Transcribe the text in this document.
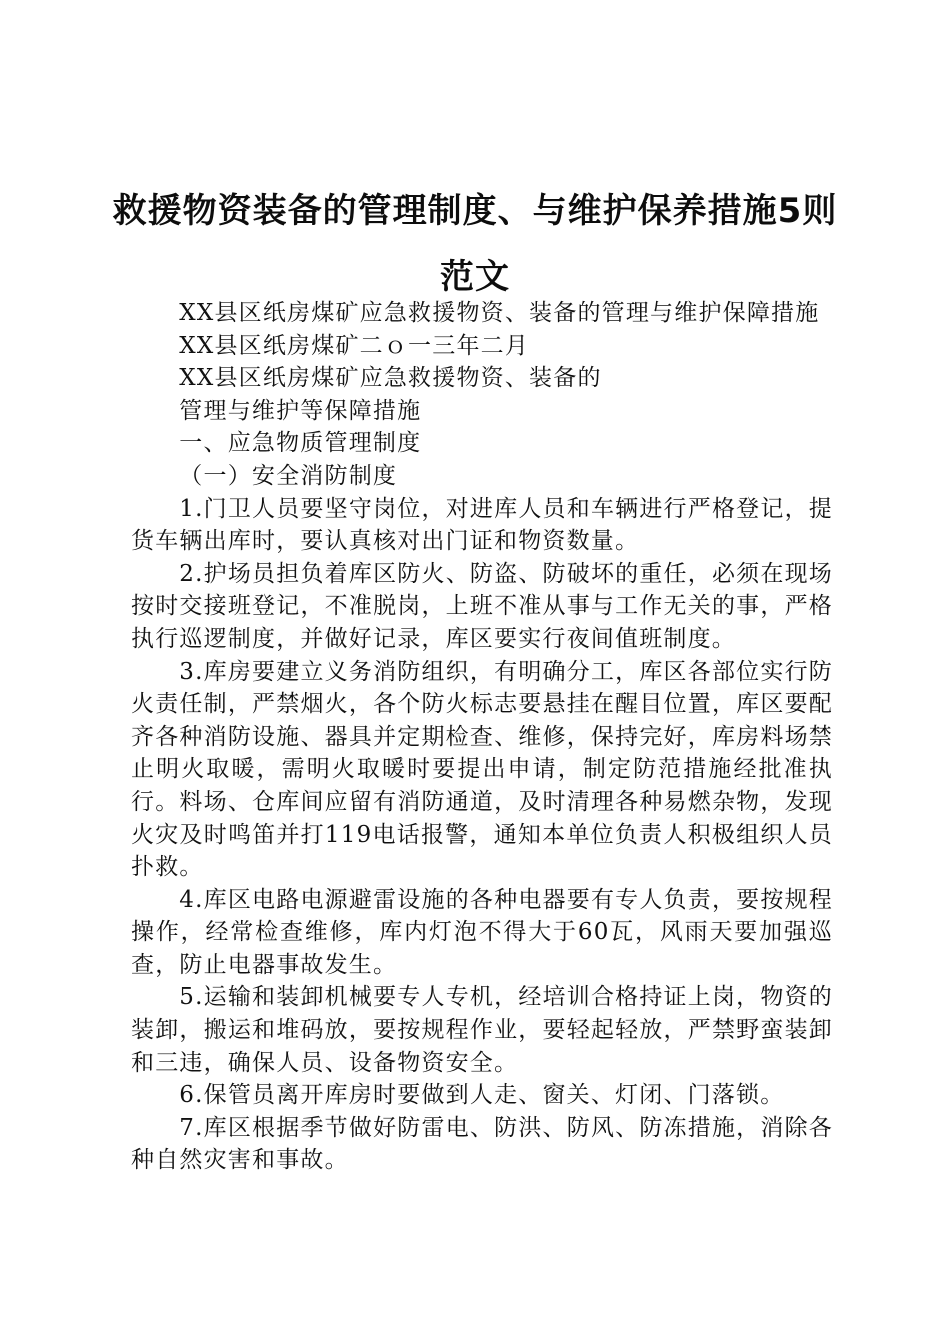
救援物资装备的管理制度、与维护保养措施5则范文

XX县区纸房煤矿应急救援物资、装备的管理与维护保障措施

XX县区纸房煤矿二ｏ一三年二月

XX县区纸房煤矿应急救援物资、装备的

管理与维护等保障措施

一、应急物质管理制度

（一）安全消防制度

1.门卫人员要坚守岗位，对进库人员和车辆进行严格登记，提货车辆出库时，要认真核对出门证和物资数量。

2.护场员担负着库区防火、防盗、防破坏的重任，必须在现场按时交接班登记，不准脱岗，上班不准从事与工作无关的事，严格执行巡逻制度，并做好记录，库区要实行夜间值班制度。

3.库房要建立义务消防组织，有明确分工，库区各部位实行防火责任制，严禁烟火，各个防火标志要悬挂在醒目位置，库区要配齐各种消防设施、器具并定期检查、维修，保持完好，库房料场禁止明火取暖，需明火取暖时要提出申请，制定防范措施经批准执行。料场、仓库间应留有消防通道，及时清理各种易燃杂物，发现火灾及时鸣笛并打119电话报警，通知本单位负责人积极组织人员扑救。

4.库区电路电源避雷设施的各种电器要有专人负责，要按规程操作，经常检查维修，库内灯泡不得大于60瓦，风雨天要加强巡查，防止电器事故发生。

5.运输和装卸机械要专人专机，经培训合格持证上岗，物资的装卸，搬运和堆码放，要按规程作业，要轻起轻放，严禁野蛮装卸和三违，确保人员、设备物资安全。

6.保管员离开库房时要做到人走、窗关、灯闭、门落锁。

7.库区根据季节做好防雷电、防洪、防风、防冻措施，消除各种自然灾害和事故。
